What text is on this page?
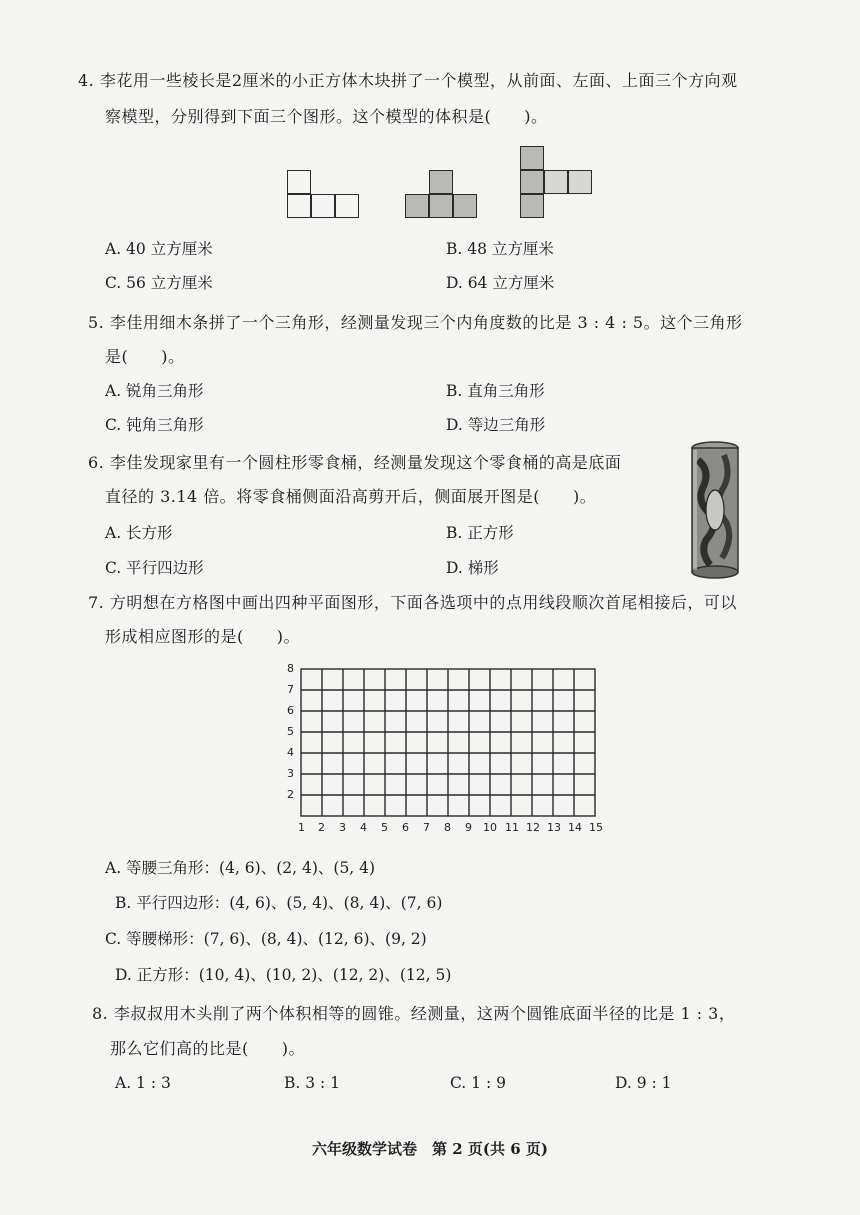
4. 李花用一些棱长是2厘米的小正方体木块拼了一个模型，从前面、左面、上面三个方向观
察模型，分别得到下面三个图形。这个模型的体积是(　　)。
A. 40 立方厘米	B. 48 立方厘米
C. 56 立方厘米	D. 64 立方厘米
5. 李佳用细木条拼了一个三角形，经测量发现三个内角度数的比是 3 : 4 : 5。这个三角形
是(　　)。
A. 锐角三角形	B. 直角三角形
C. 钝角三角形	D. 等边三角形
6. 李佳发现家里有一个圆柱形零食桶，经测量发现这个零食桶的高是底面
直径的 3.14 倍。将零食桶侧面沿高剪开后，侧面展开图是(　　)。
A. 长方形	B. 正方形
C. 平行四边形	D. 梯形
7. 方明想在方格图中画出四种平面图形，下面各选项中的点用线段顺次首尾相接后，可以
形成相应图形的是(　　)。
8
7
6
5
4
3
2
1 2 3 4 5 6 7 8 9 10 11 12 13 14 15
A. 等腰三角形：(4, 6)、(2, 4)、(5, 4)
B. 平行四边形：(4, 6)、(5, 4)、(8, 4)、(7, 6)
C. 等腰梯形：(7, 6)、(8, 4)、(12, 6)、(9, 2)
D. 正方形：(10, 4)、(10, 2)、(12, 2)、(12, 5)
8. 李叔叔用木头削了两个体积相等的圆锥。经测量，这两个圆锥底面半径的比是 1 : 3，
那么它们高的比是(　　)。
A. 1 : 3	B. 3 : 1	C. 1 : 9	D. 9 : 1
六年级数学试卷　第 2 页(共 6 页)
